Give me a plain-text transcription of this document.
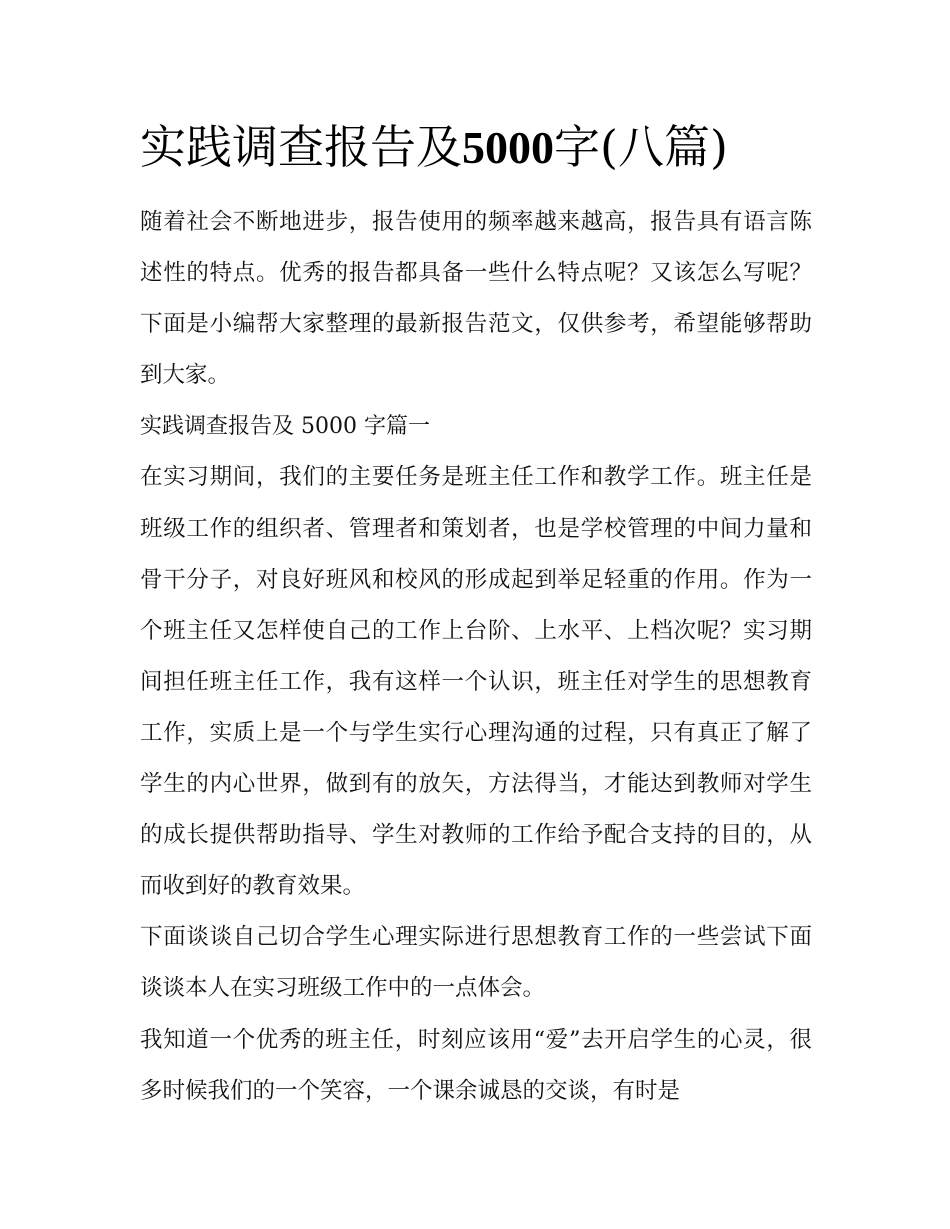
实践调查报告及5000字(八篇)

随着社会不断地进步，报告使用的频率越来越高，报告具有语言陈述性的特点。优秀的报告都具备一些什么特点呢？又该怎么写呢？下面是小编帮大家整理的最新报告范文，仅供参考，希望能够帮助到大家。

实践调查报告及 5000 字篇一

在实习期间，我们的主要任务是班主任工作和教学工作。班主任是班级工作的组织者、管理者和策划者，也是学校管理的中间力量和骨干分子，对良好班风和校风的形成起到举足轻重的作用。作为一个班主任又怎样使自己的工作上台阶、上水平、上档次呢？实习期间担任班主任工作，我有这样一个认识，班主任对学生的思想教育工作，实质上是一个与学生实行心理沟通的过程，只有真正了解了学生的内心世界，做到有的放矢，方法得当，才能达到教师对学生的成长提供帮助指导、学生对教师的工作给予配合支持的目的，从而收到好的教育效果。

下面谈谈自己切合学生心理实际进行思想教育工作的一些尝试下面谈谈本人在实习班级工作中的一点体会。

我知道一个优秀的班主任，时刻应该用“爱”去开启学生的心灵，很多时候我们的一个笑容，一个课余诚恳的交谈，有时是
